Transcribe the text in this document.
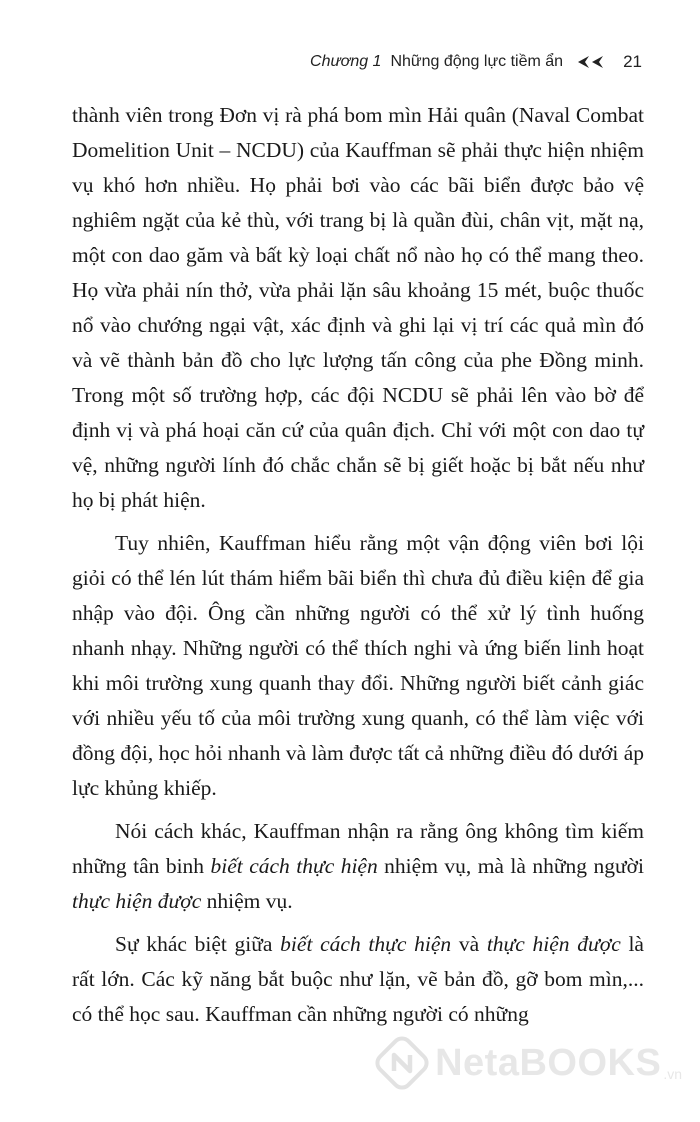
Chương 1 Những động lực tiềm ẩn	21

thành viên trong Đơn vị rà phá bom mìn Hải quân (Naval Combat Domelition Unit – NCDU) của Kauffman sẽ phải thực hiện nhiệm vụ khó hơn nhiều. Họ phải bơi vào các bãi biển được bảo vệ nghiêm ngặt của kẻ thù, với trang bị là quần đùi, chân vịt, mặt nạ, một con dao găm và bất kỳ loại chất nổ nào họ có thể mang theo. Họ vừa phải nín thở, vừa phải lặn sâu khoảng 15 mét, buộc thuốc nổ vào chướng ngại vật, xác định và ghi lại vị trí các quả mìn đó và vẽ thành bản đồ cho lực lượng tấn công của phe Đồng minh. Trong một số trường hợp, các đội NCDU sẽ phải lên vào bờ để định vị và phá hoại căn cứ của quân địch. Chỉ với một con dao tự vệ, những người lính đó chắc chắn sẽ bị giết hoặc bị bắt nếu như họ bị phát hiện.

Tuy nhiên, Kauffman hiểu rằng một vận động viên bơi lội giỏi có thể lén lút thám hiểm bãi biển thì chưa đủ điều kiện để gia nhập vào đội. Ông cần những người có thể xử lý tình huống nhanh nhạy. Những người có thể thích nghi và ứng biến linh hoạt khi môi trường xung quanh thay đổi. Những người biết cảnh giác với nhiều yếu tố của môi trường xung quanh, có thể làm việc với đồng đội, học hỏi nhanh và làm được tất cả những điều đó dưới áp lực khủng khiếp.

Nói cách khác, Kauffman nhận ra rằng ông không tìm kiếm những tân binh biết cách thực hiện nhiệm vụ, mà là những người thực hiện được nhiệm vụ.

Sự khác biệt giữa biết cách thực hiện và thực hiện được là rất lớn. Các kỹ năng bắt buộc như lặn, vẽ bản đồ, gỡ bom mìn,... có thể học sau. Kauffman cần những người có những

NetaBOOKS .vn
